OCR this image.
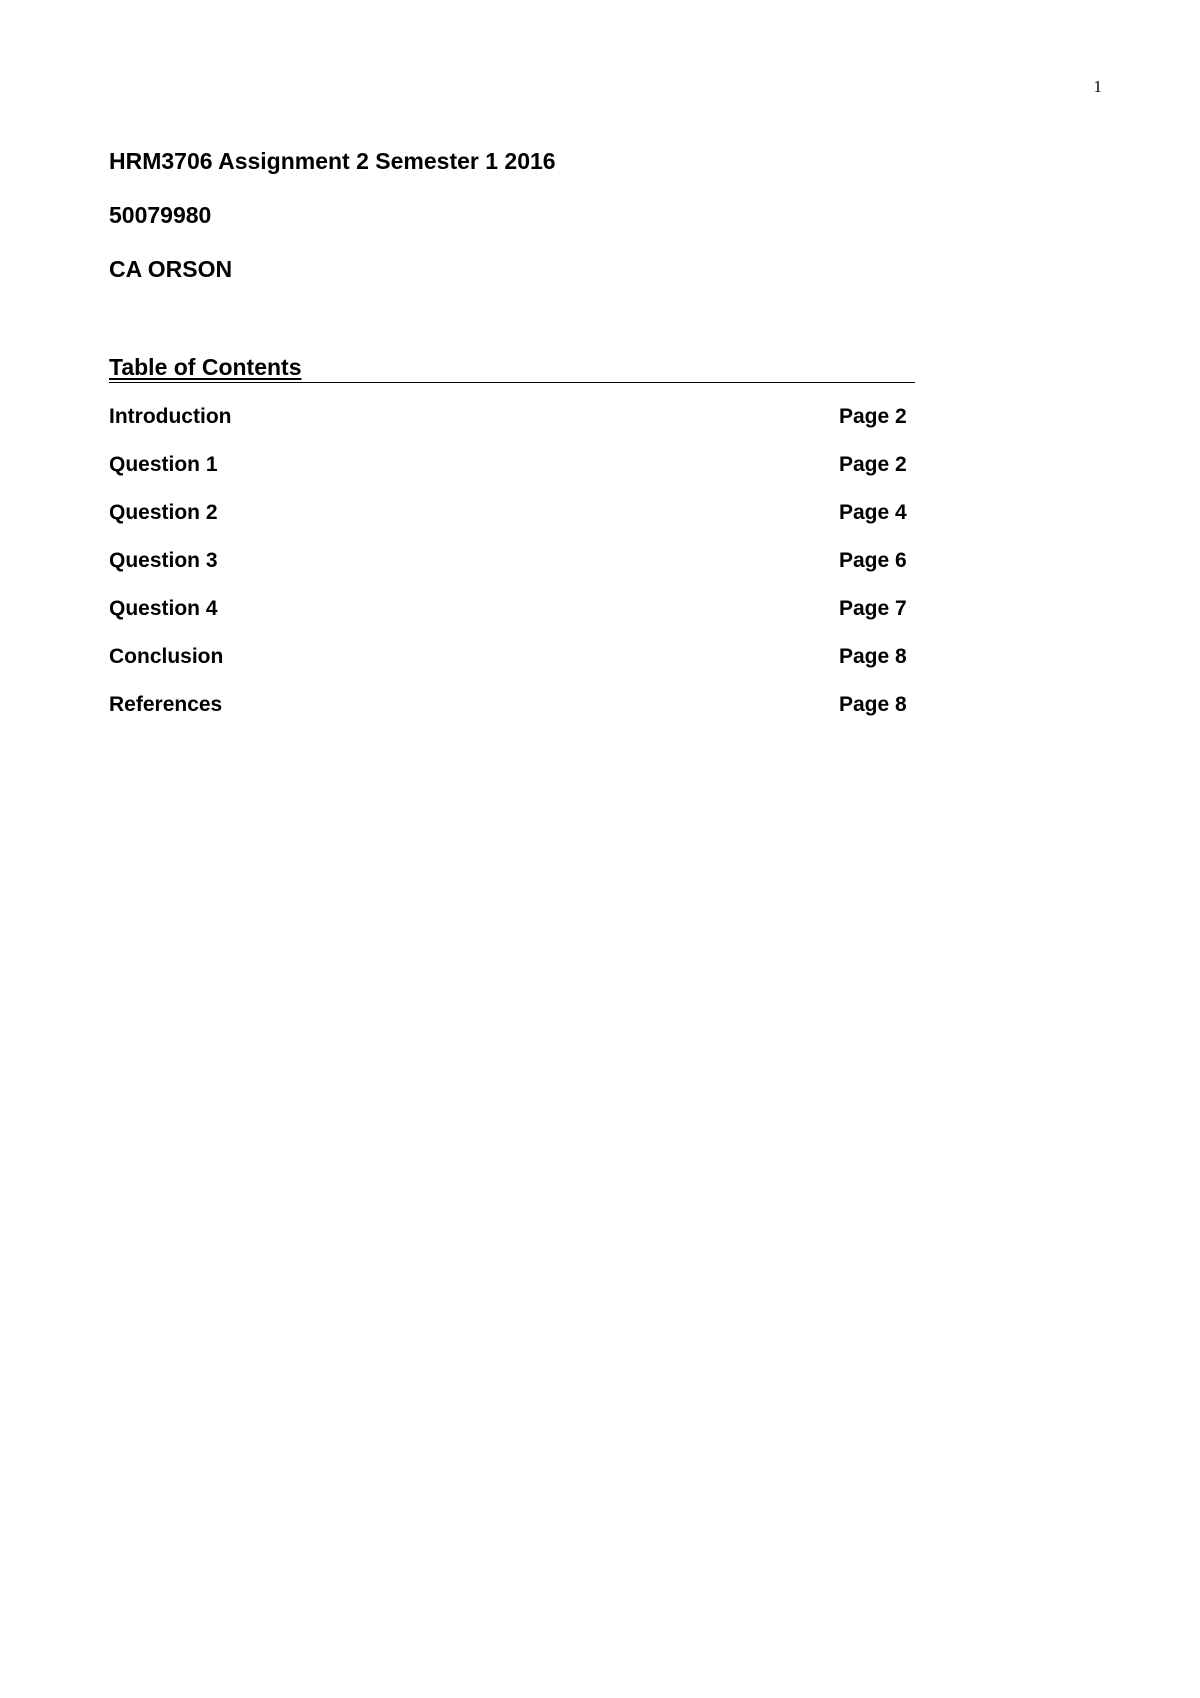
1
HRM3706 Assignment 2 Semester 1 2016
50079980
CA ORSON
Table of Contents
Introduction	Page 2
Question 1	Page 2
Question 2	Page 4
Question 3	Page 6
Question 4	Page 7
Conclusion	Page 8
References	Page 8
